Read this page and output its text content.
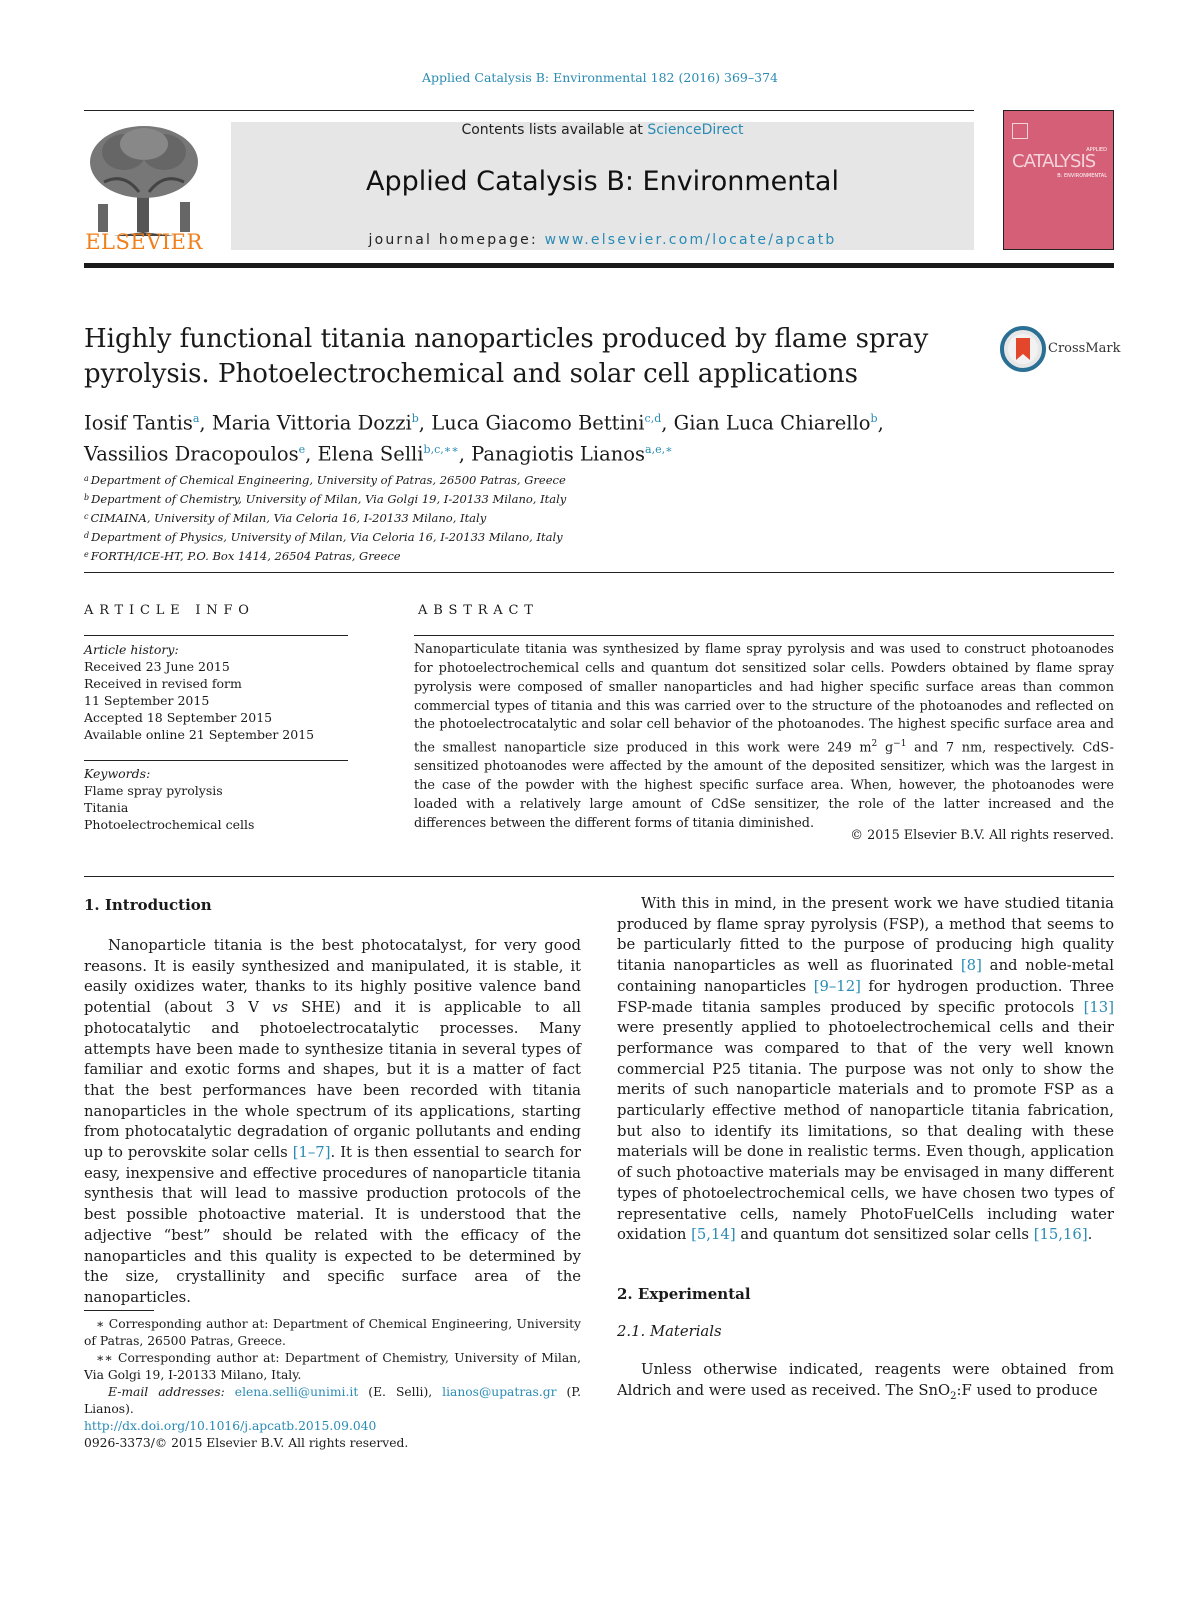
Applied Catalysis B: Environmental 182 (2016) 369–374
ELSEVIER
Contents lists available at ScienceDirect
Applied Catalysis B: Environmental
journal homepage: www.elsevier.com/locate/apcatb
APPLIED
CATALYSIS
B: ENVIRONMENTAL
Highly functional titania nanoparticles produced by flame spray
pyrolysis. Photoelectrochemical and solar cell applications
CrossMark
Iosif Tantis$^a$, Maria Vittoria Dozzi$^b$, Luca Giacomo Bettini$^{c,d}$, Gian Luca Chiarello$^b$,
Vassilios Dracopoulos$^e$, Elena Selli$^{b,c,∗∗}$, Panagiotis Lianos$^{a,e,∗}$
$^a$ Department of Chemical Engineering, University of Patras, 26500 Patras, Greece
$^b$ Department of Chemistry, University of Milan, Via Golgi 19, I-20133 Milano, Italy
$^c$ CIMAINA, University of Milan, Via Celoria 16, I-20133 Milano, Italy
$^d$ Department of Physics, University of Milan, Via Celoria 16, I-20133 Milano, Italy
$^e$ FORTH/ICE-HT, P.O. Box 1414, 26504 Patras, Greece
ARTICLE INFO	ABSTRACT
Article history:
Received 23 June 2015
Received in revised form
11 September 2015
Accepted 18 September 2015
Available online 21 September 2015
Keywords:
Flame spray pyrolysis
Titania
Photoelectrochemical cells
Nanoparticulate titania was synthesized by flame spray pyrolysis and was used to construct photoanodes for photoelectrochemical cells and quantum dot sensitized solar cells. Powders obtained by flame spray pyrolysis were composed of smaller nanoparticles and had higher specific surface areas than common commercial types of titania and this was carried over to the structure of the photoanodes and reflected on the photoelectrocatalytic and solar cell behavior of the photoanodes. The highest specific surface area and the smallest nanoparticle size produced in this work were 249 $m^2$ $g^{-1}$ and 7 nm, respectively. CdS-sensitized photoanodes were affected by the amount of the deposited sensitizer, which was the largest in the case of the powder with the highest specific surface area. When, however, the photoanodes were loaded with a relatively large amount of CdSe sensitizer, the role of the latter increased and the differences between the different forms of titania diminished.
© 2015 Elsevier B.V. All rights reserved.
1. Introduction
Nanoparticle titania is the best photocatalyst, for very good reasons. It is easily synthesized and manipulated, it is stable, it easily oxidizes water, thanks to its highly positive valence band potential (about 3 V vs SHE) and it is applicable to all photocatalytic and photoelectrocatalytic processes. Many attempts have been made to synthesize titania in several types of familiar and exotic forms and shapes, but it is a matter of fact that the best performances have been recorded with titania nanoparticles in the whole spectrum of its applications, starting from photocatalytic degradation of organic pollutants and ending up to perovskite solar cells [1–7]. It is then essential to search for easy, inexpensive and effective procedures of nanoparticle titania synthesis that will lead to massive production protocols of the best possible photoactive material. It is understood that the adjective “best” should be related with the efficacy of the nanoparticles and this quality is expected to be determined by the size, crystallinity and specific surface area of the nanoparticles.
With this in mind, in the present work we have studied titania produced by flame spray pyrolysis (FSP), a method that seems to be particularly fitted to the purpose of producing high quality titania nanoparticles as well as fluorinated [8] and noble-metal containing nanoparticles [9–12] for hydrogen production. Three FSP-made titania samples produced by specific protocols [13] were presently applied to photoelectrochemical cells and their performance was compared to that of the very well known commercial P25 titania. The purpose was not only to show the merits of such nanoparticle materials and to promote FSP as a particularly effective method of nanoparticle titania fabrication, but also to identify its limitations, so that dealing with these materials will be done in realistic terms. Even though, application of such photoactive materials may be envisaged in many different types of photoelectrochemical cells, we have chosen two types of representative cells, namely PhotoFuelCells including water oxidation [5,14] and quantum dot sensitized solar cells [15,16].
2. Experimental
2.1. Materials
Unless otherwise indicated, reagents were obtained from Aldrich and were used as received. The SnO$_2$:F used to produce

∗ Corresponding author at: Department of Chemical Engineering, University of Patras, 26500 Patras, Greece.

∗∗ Corresponding author at: Department of Chemistry, University of Milan, Via Golgi 19, I-20133 Milano, Italy.

E-mail addresses: elena.selli@unimi.it (E. Selli), lianos@upatras.gr (P. Lianos).

http://dx.doi.org/10.1016/j.apcatb.2015.09.040
0926-3373/© 2015 Elsevier B.V. All rights reserved.
